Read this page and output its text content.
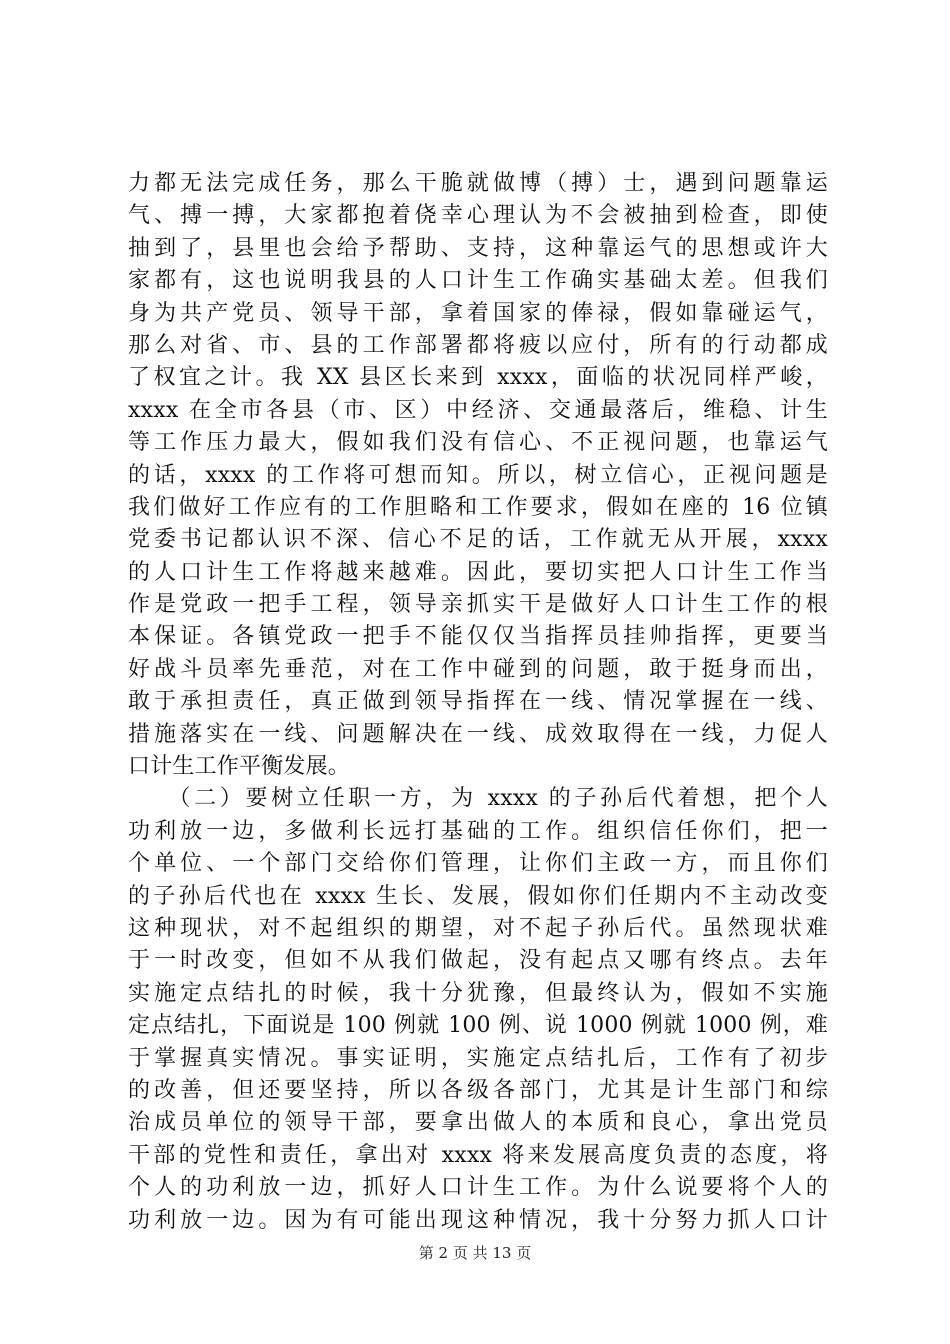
力都无法完成任务，那么干脆就做博（搏）士，遇到问题靠运
气、搏一搏，大家都抱着侥幸心理认为不会被抽到检查，即使
抽到了，县里也会给予帮助、支持，这种靠运气的思想或许大
家都有，这也说明我县的人口计生工作确实基础太差。但我们
身为共产党员、领导干部，拿着国家的俸禄，假如靠碰运气，
那么对省、市、县的工作部署都将疲以应付，所有的行动都成
了权宜之计。我 XX 县区长来到 xxxx，面临的状况同样严峻，
xxxx 在全市各县（市、区）中经济、交通最落后，维稳、计生
等工作压力最大，假如我们没有信心、不正视问题，也靠运气
的话，xxxx 的工作将可想而知。所以，树立信心，正视问题是
我们做好工作应有的工作胆略和工作要求，假如在座的 16 位镇
党委书记都认识不深、信心不足的话，工作就无从开展，xxxx
的人口计生工作将越来越难。因此，要切实把人口计生工作当
作是党政一把手工程，领导亲抓实干是做好人口计生工作的根
本保证。各镇党政一把手不能仅仅当指挥员挂帅指挥，更要当
好战斗员率先垂范，对在工作中碰到的问题，敢于挺身而出，
敢于承担责任，真正做到领导指挥在一线、情况掌握在一线、
措施落实在一线、问题解决在一线、成效取得在一线，力促人
口计生工作平衡发展。
　　（二）要树立任职一方，为 xxxx 的子孙后代着想，把个人
功利放一边，多做利长远打基础的工作。组织信任你们，把一
个单位、一个部门交给你们管理，让你们主政一方，而且你们
的子孙后代也在 xxxx 生长、发展，假如你们任期内不主动改变
这种现状，对不起组织的期望，对不起子孙后代。虽然现状难
于一时改变，但如不从我们做起，没有起点又哪有终点。去年
实施定点结扎的时候，我十分犹豫，但最终认为，假如不实施
定点结扎，下面说是 100 例就 100 例、说 1000 例就 1000 例，难
于掌握真实情况。事实证明，实施定点结扎后，工作有了初步
的改善，但还要坚持，所以各级各部门，尤其是计生部门和综
治成员单位的领导干部，要拿出做人的本质和良心，拿出党员
干部的党性和责任，拿出对 xxxx 将来发展高度负责的态度，将
个人的功利放一边，抓好人口计生工作。为什么说要将个人的
功利放一边。因为有可能出现这种情况，我十分努力抓人口计
第 2 页 共 13 页
